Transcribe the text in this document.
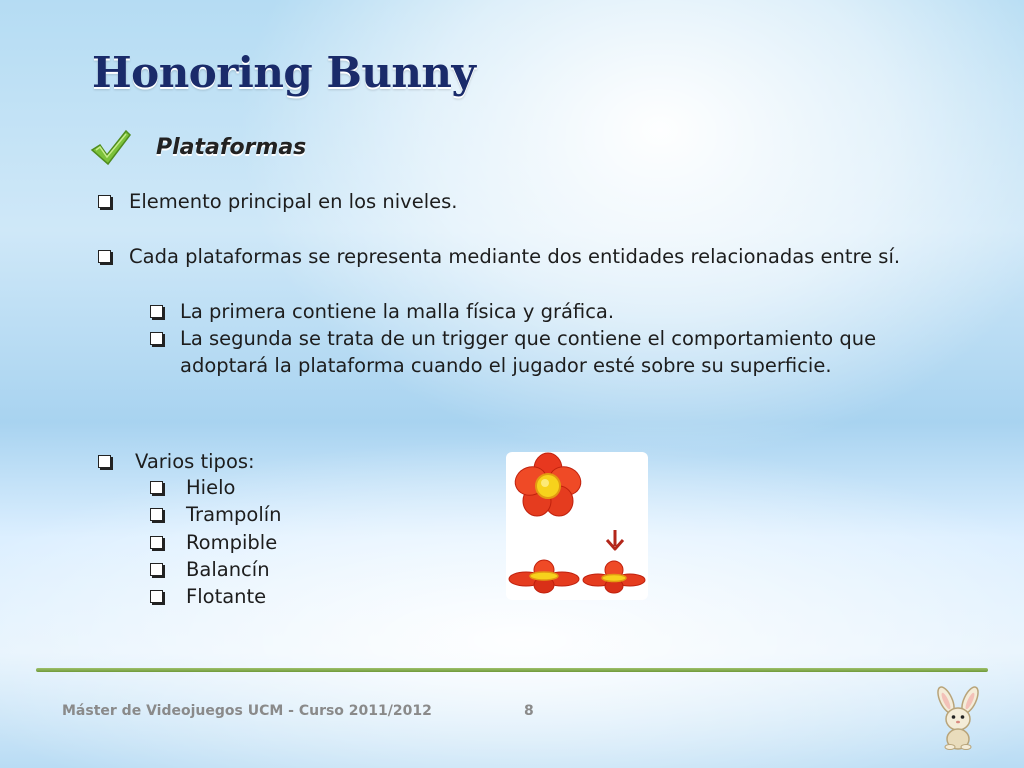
Honoring Bunny
Plataformas
Elemento principal en los niveles.
Cada plataformas se representa mediante dos entidades relacionadas entre sí.
La primera contiene la malla física y gráfica.
La segunda se trata de un trigger que contiene el comportamiento que adoptará la plataforma cuando el jugador esté sobre su superficie.
Varios tipos:
Hielo
Trampolín
Rompible
Balancín
Flotante
Máster de Videojuegos UCM - Curso 2011/2012	8
